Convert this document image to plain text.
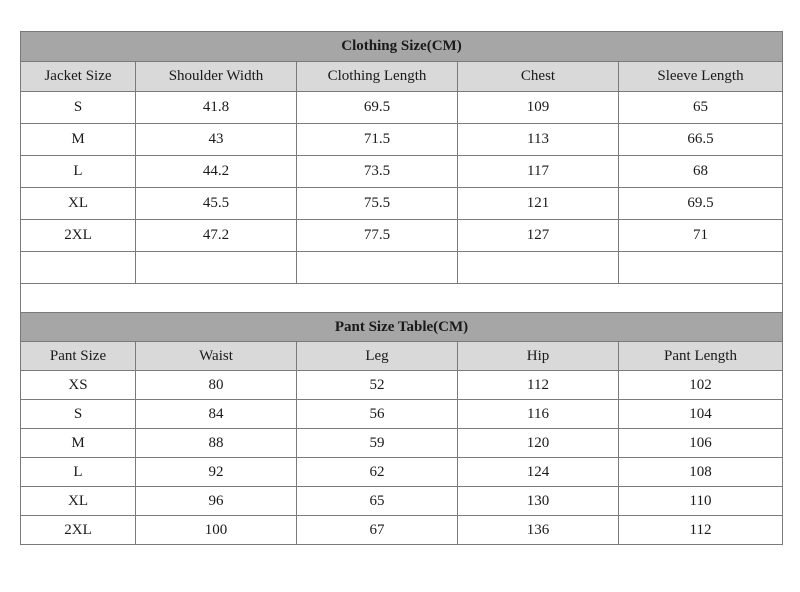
Clothing Size(CM)				
Jacket Size	Shoulder Width	Clothing Length	Chest	Sleeve Length
S	41.8	69.5	109	65
M	43	71.5	113	66.5
L	44.2	73.5	117	68
XL	45.5	75.5	121	69.5
2XL	47.2	77.5	127	71

Pant Size Table(CM)				
Pant Size	Waist	Leg	Hip	Pant Length
XS	80	52	112	102
S	84	56	116	104
M	88	59	120	106
L	92	62	124	108
XL	96	65	130	110
2XL	100	67	136	112
